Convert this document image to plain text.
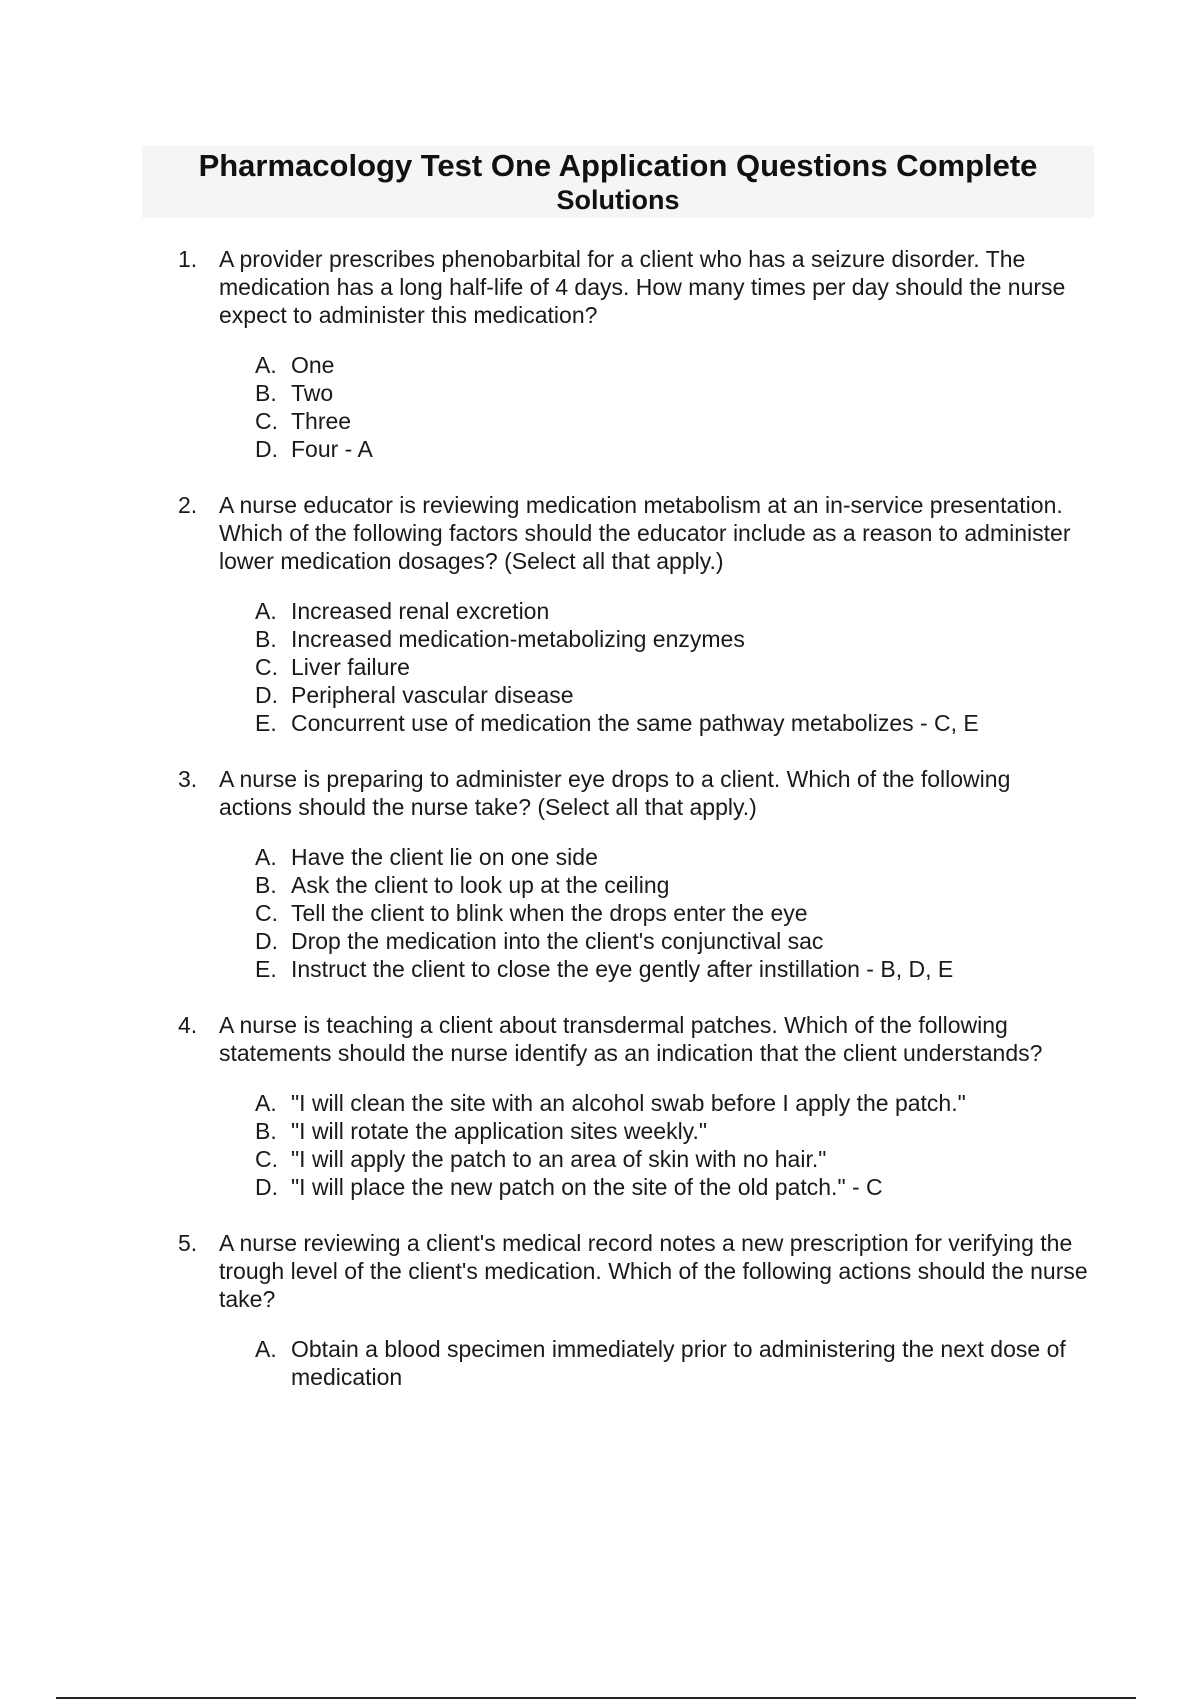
Pharmacology Test One Application Questions Complete
Solutions
1. A provider prescribes phenobarbital for a client who has a seizure disorder. The medication has a long half-life of 4 days. How many times per day should the nurse expect to administer this medication?
A. One
B. Two
C. Three
D. Four - A
2. A nurse educator is reviewing medication metabolism at an in-service presentation. Which of the following factors should the educator include as a reason to administer lower medication dosages? (Select all that apply.)
A. Increased renal excretion
B. Increased medication-metabolizing enzymes
C. Liver failure
D. Peripheral vascular disease
E. Concurrent use of medication the same pathway metabolizes - C, E
3. A nurse is preparing to administer eye drops to a client. Which of the following actions should the nurse take? (Select all that apply.)
A. Have the client lie on one side
B. Ask the client to look up at the ceiling
C. Tell the client to blink when the drops enter the eye
D. Drop the medication into the client's conjunctival sac
E. Instruct the client to close the eye gently after instillation - B, D, E
4. A nurse is teaching a client about transdermal patches. Which of the following statements should the nurse identify as an indication that the client understands?
A. "I will clean the site with an alcohol swab before I apply the patch."
B. "I will rotate the application sites weekly."
C. "I will apply the patch to an area of skin with no hair."
D. "I will place the new patch on the site of the old patch." - C
5. A nurse reviewing a client's medical record notes a new prescription for verifying the trough level of the client's medication. Which of the following actions should the nurse take?
A. Obtain a blood specimen immediately prior to administering the next dose of medication
